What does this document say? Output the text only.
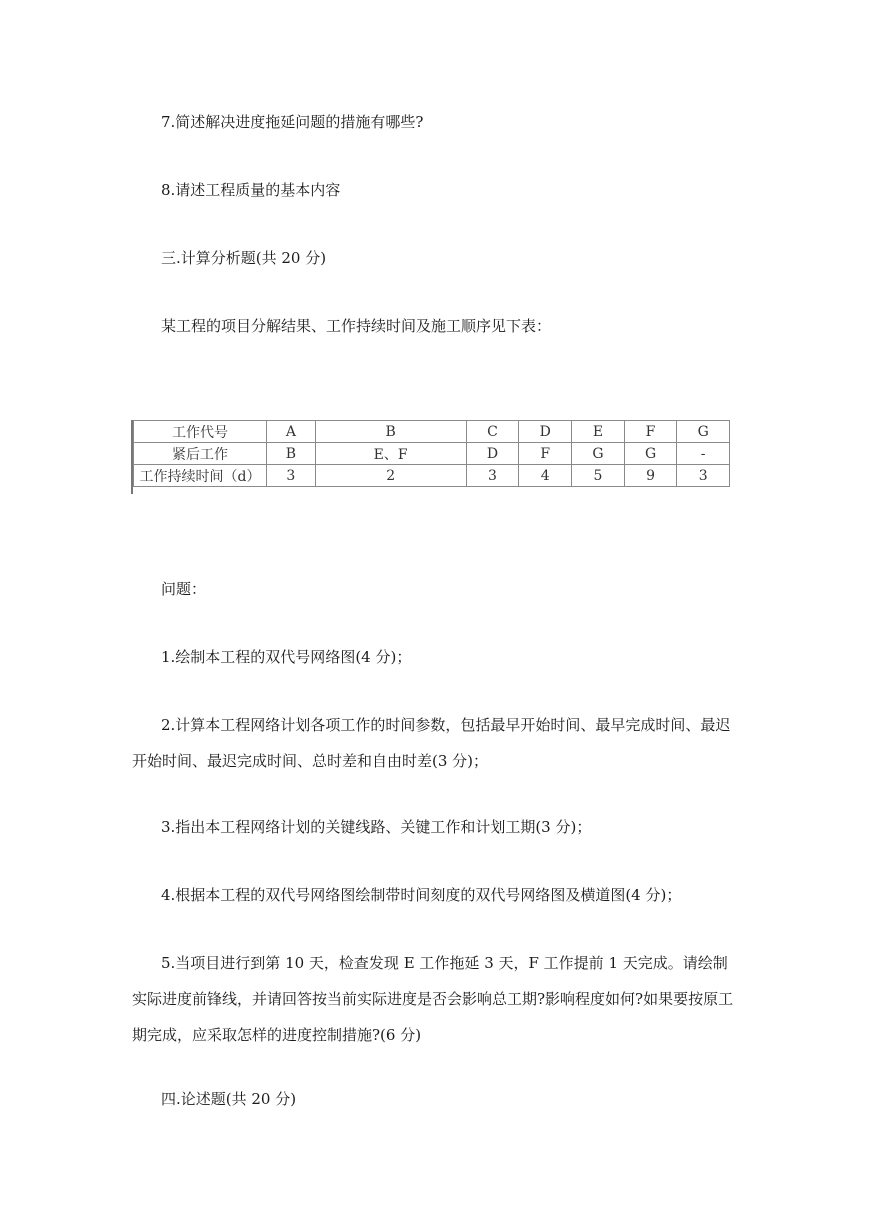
7.简述解决进度拖延问题的措施有哪些?
8.请述工程质量的基本内容
三.计算分析题(共 20 分)
某工程的项目分解结果、工作持续时间及施工顺序见下表：
工作代号	A	B	C	D	E	F	G
紧后工作	B	E、F	D	F	G	G	-
工作持续时间（d）	3	2	3	4	5	9	3
问题：
1.绘制本工程的双代号网络图(4 分)；
2.计算本工程网络计划各项工作的时间参数，包括最早开始时间、最早完成时间、最迟开始时间、最迟完成时间、总时差和自由时差(3 分)；
3.指出本工程网络计划的关键线路、关键工作和计划工期(3 分)；
4.根据本工程的双代号网络图绘制带时间刻度的双代号网络图及横道图(4 分)；
5.当项目进行到第 10 天，检查发现 E 工作拖延 3 天，F 工作提前 1 天完成。请绘制实际进度前锋线，并请回答按当前实际进度是否会影响总工期?影响程度如何?如果要按原工期完成，应采取怎样的进度控制措施?(6 分)
四.论述题(共 20 分)
